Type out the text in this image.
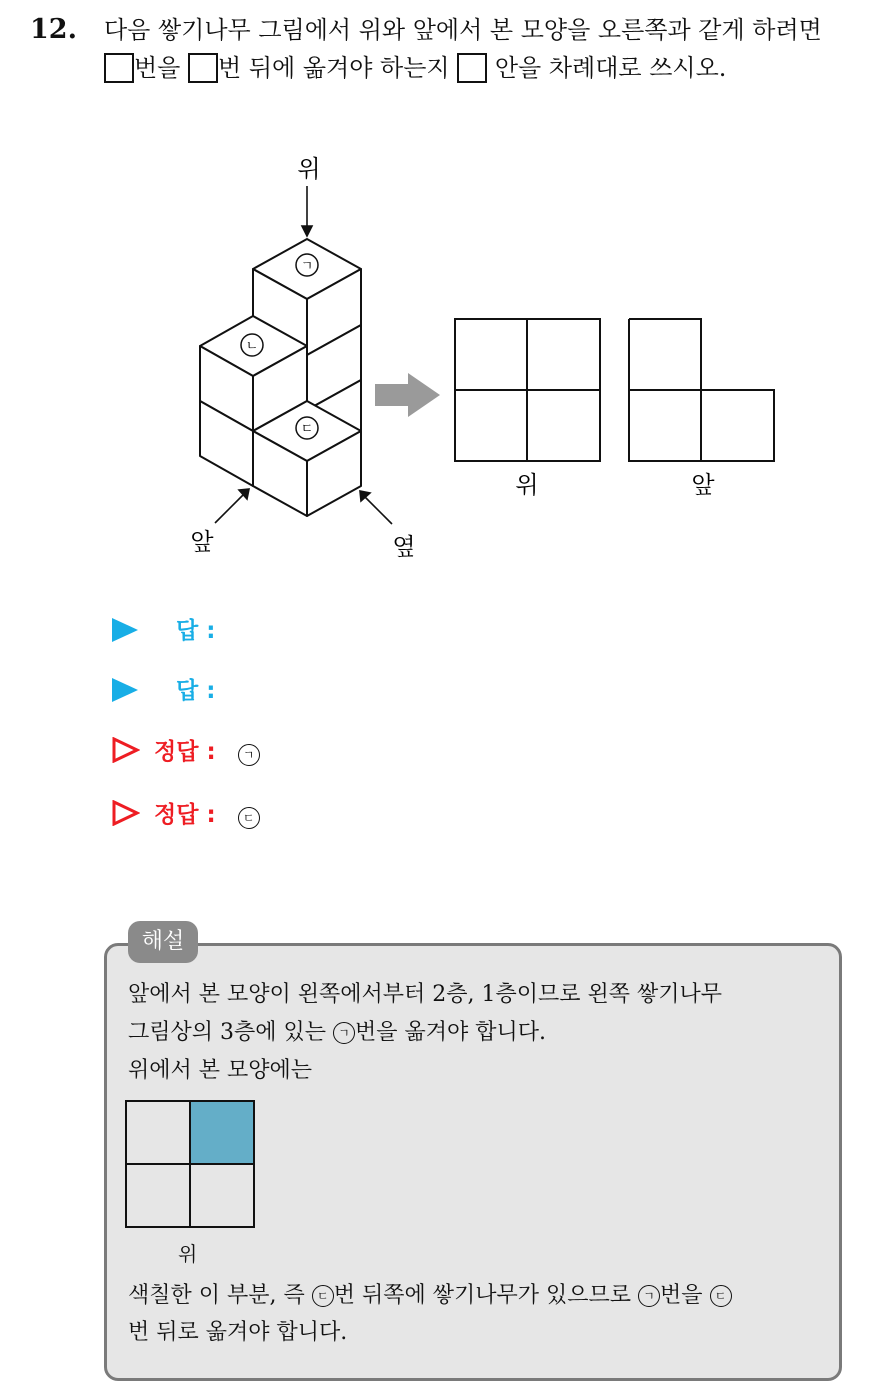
12. 다음 쌓기나무 그림에서 위와 앞에서 본 모양을 오른쪽과 같게 하려면
번을 번 뒤에 옮겨야 하는지 안을 차례대로 쓰시오.
ㄱ
ㄴ
ㄷ
위
앞	옆
위	앞
답 :
답 :
정답 : ㄱ
정답 : ㄷ
해설
앞에서 본 모양이 왼쪽에서부터 2층, 1층이므로 왼쪽 쌓기나무
그림상의 3층에 있는 ㄱ 번을 옮겨야 합니다.
위에서 본 모양에는
위
색칠한 이 부분, 즉 ㄷ 번 뒤쪽에 쌓기나무가 있으므로 ㄱ 번을 ㄷ
번 뒤로 옮겨야 합니다.
